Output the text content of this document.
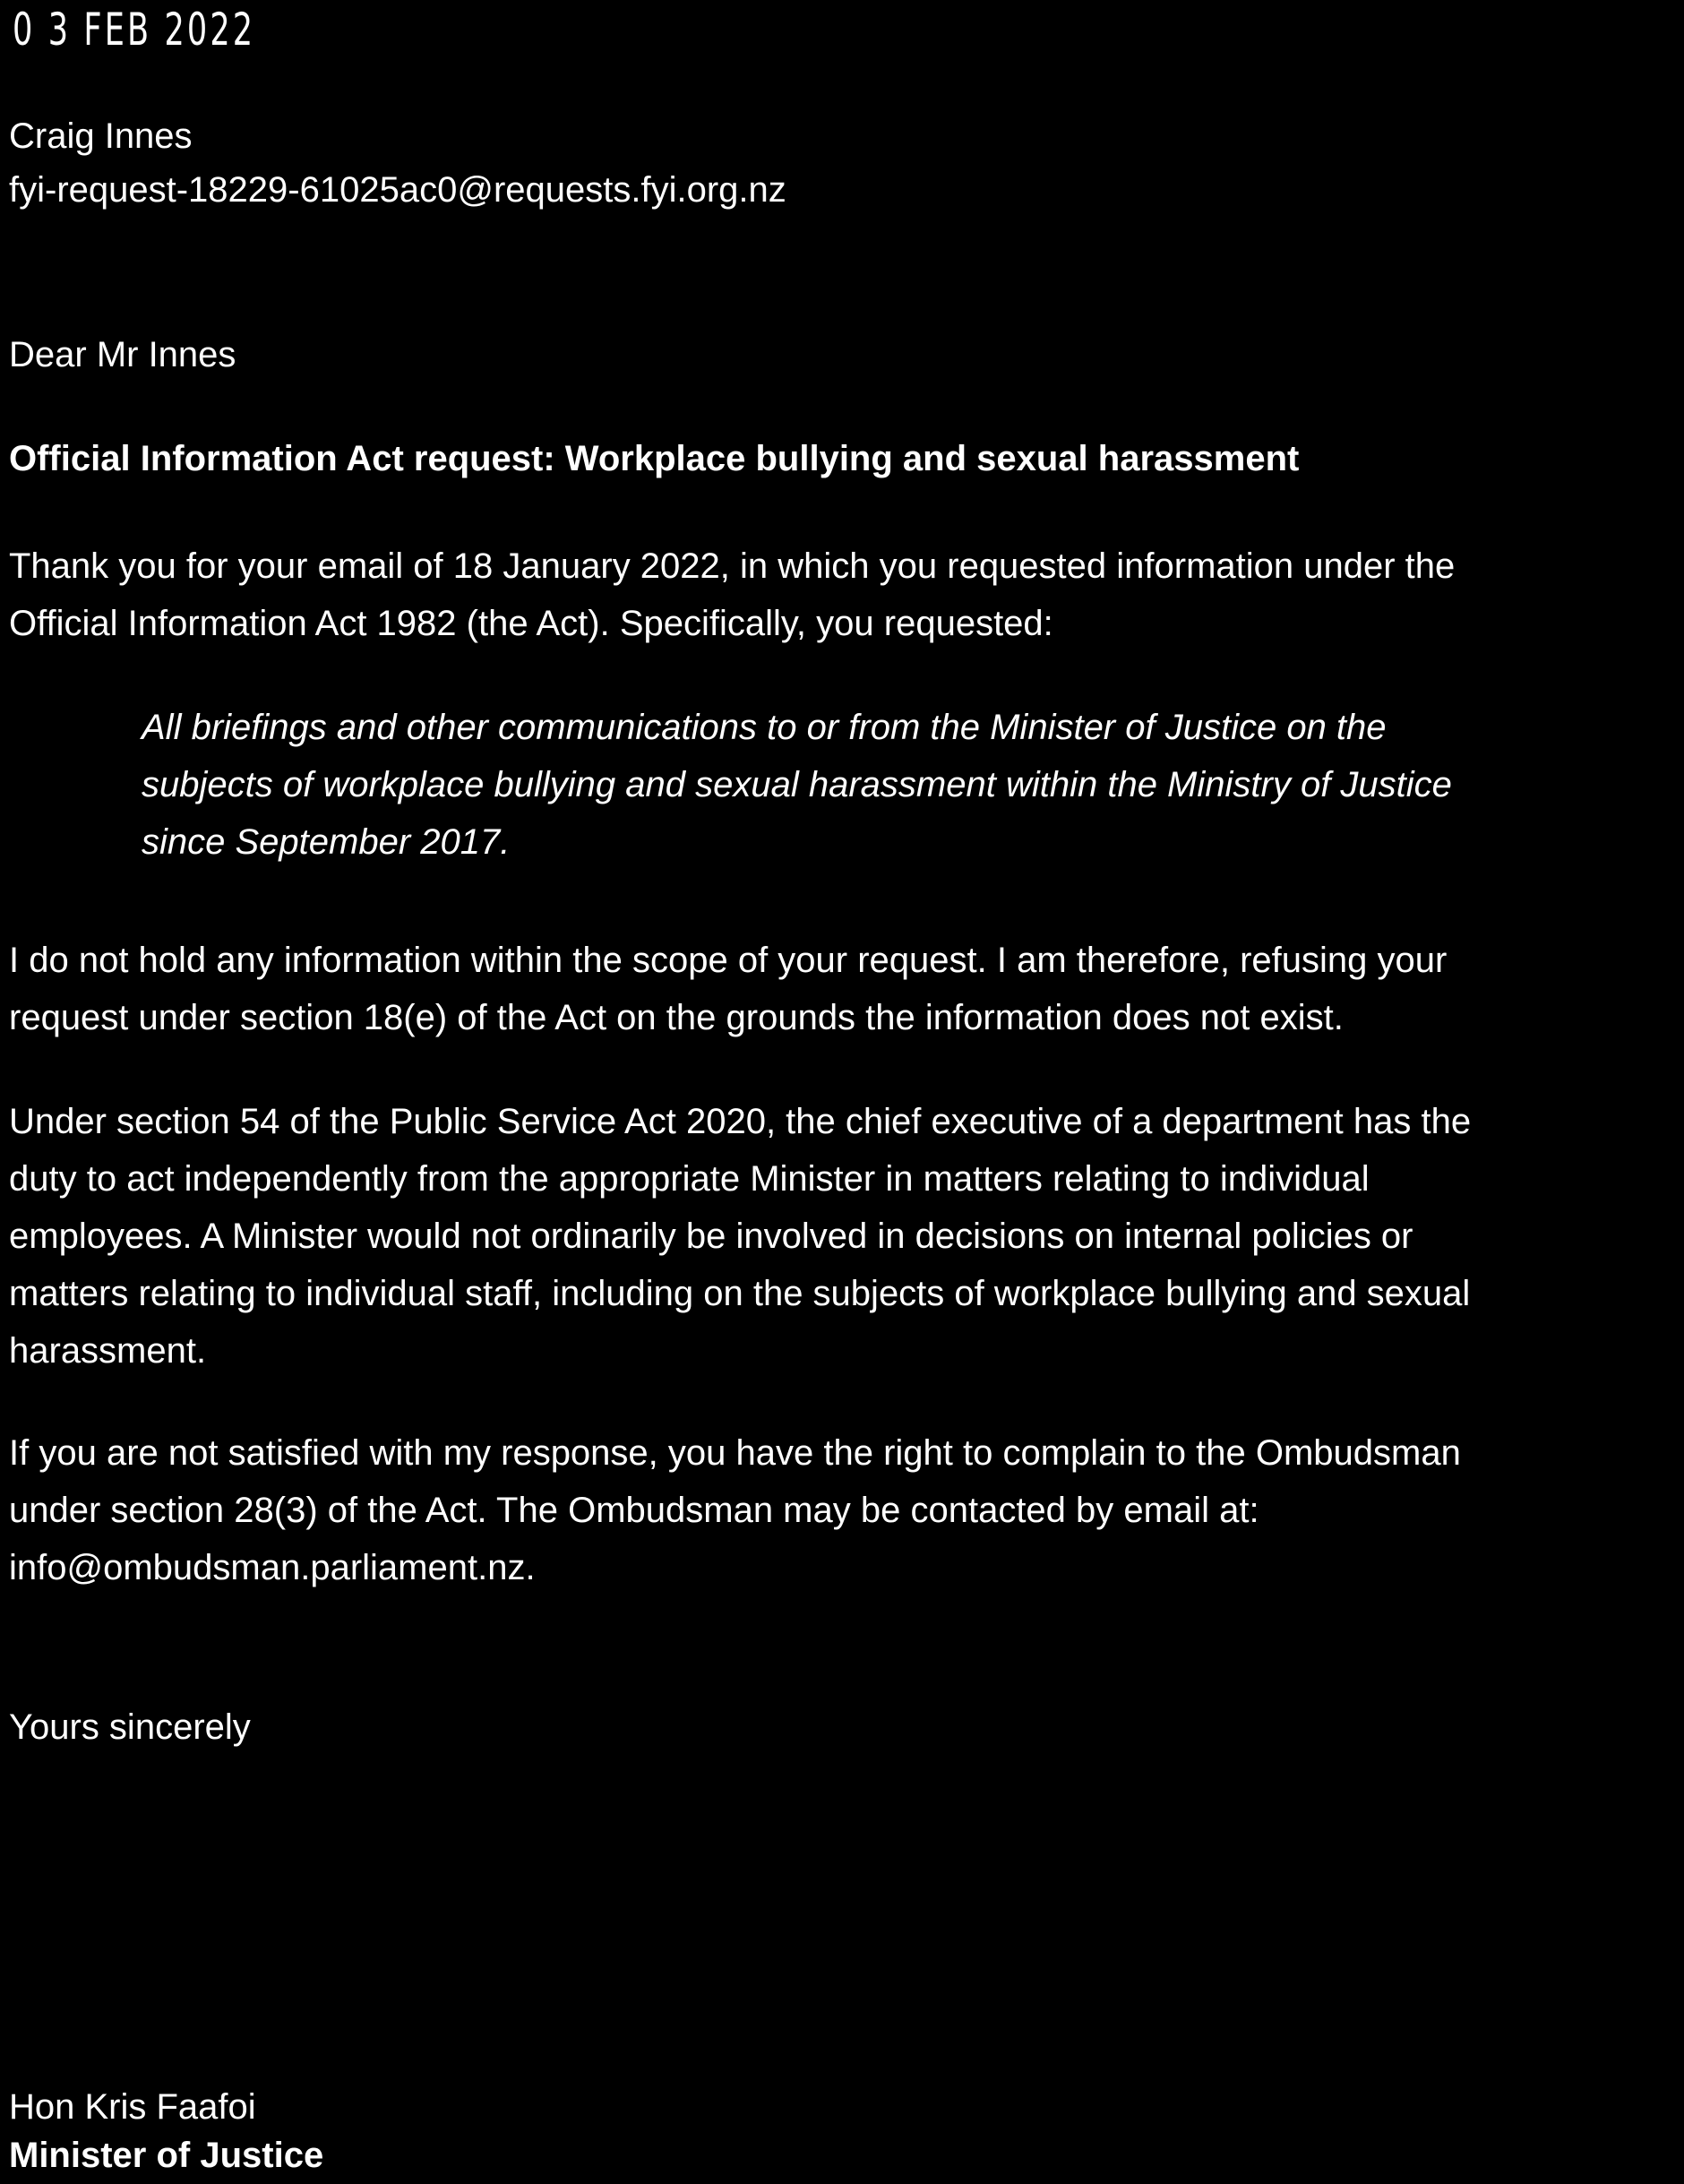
0 3 FEB 2022
Craig Innes
fyi-request-18229-61025ac0@requests.fyi.org.nz
Dear Mr Innes
Official Information Act request: Workplace bullying and sexual harassment
Thank you for your email of 18 January 2022, in which you requested information under the
Official Information Act 1982 (the Act). Specifically, you requested:
All briefings and other communications to or from the Minister of Justice on the
subjects of workplace bullying and sexual harassment within the Ministry of Justice
since September 2017.
I do not hold any information within the scope of your request. I am therefore, refusing your
request under section 18(e) of the Act on the grounds the information does not exist.
Under section 54 of the Public Service Act 2020, the chief executive of a department has the
duty to act independently from the appropriate Minister in matters relating to individual
employees. A Minister would not ordinarily be involved in decisions on internal policies or
matters relating to individual staff, including on the subjects of workplace bullying and sexual
harassment.
If you are not satisfied with my response, you have the right to complain to the Ombudsman
under section 28(3) of the Act. The Ombudsman may be contacted by email at:
info@ombudsman.parliament.nz.
Yours sincerely
Hon Kris Faafoi
Minister of Justice
